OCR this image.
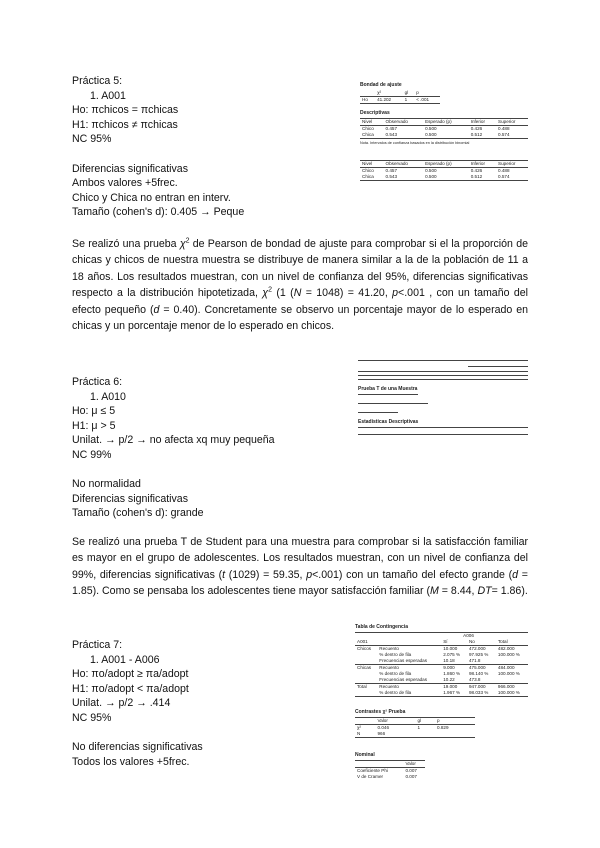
Práctica 5:
1. A001
Ho: πchicos = πchicas
H1: πchicos ≠ πchicas
NC 95%
Diferencias significativas
Ambos valores +5frec.
Chico y Chica no entran en interv.
Tamaño (cohen's d): 0.405 → Peque
Se realizó una prueba $\chi^2$ de Pearson de bondad de ajuste para comprobar si el la proporción de chicas y chicos de nuestra muestra se distribuye de manera similar a la de la población de 11 a 18 años. Los resultados muestran, con un nivel de confianza del 95%, diferencias significativas respecto a la distribución hipotetizada, $\chi^2$ (1 (N = 1048) = 41.20, p<.001 , con un tamaño del efecto pequeño (d = 0.40). Concretamente se observo un porcentaje mayor de lo esperado en chicas y un porcentaje menor de lo esperado en chicos.
Bondad de ajuste
	χ²	gl	p
Ho	41.202	1	< .001
Descriptivas
Nivel	Observado	Esperado (p)	Inferior	Superior
Chico	0.457	0.500	0.426	0.488
Chica	0.543	0.500	0.512	0.574
Nota. Intervalos de confianza basados en la distribución binomial
Nivel	Observado	Esperado (p)	Inferior	Superior
Chico	0.457	0.500	0.426	0.488
Chica	0.543	0.500	0.512	0.574
Práctica 6:
1. A010
Ho: μ ≤ 5
H1: μ > 5
Unilat. → p/2 → no afecta xq muy pequeña
NC 99%
No normalidad
Diferencias significativas
Tamaño (cohen's d): grande
Se realizó una prueba T de Student para una muestra para comprobar si la satisfacción familiar es mayor en el grupo de adolescentes. Los resultados muestran, con un nivel de confianza del 99%, diferencias significativas (t (1029) = 59.35, p<.001) con un tamaño del efecto grande (d = 1.85). Como se pensaba los adolescentes tiene mayor satisfacción familiar (M = 8.44, DT= 1.86).
Prueba T de una Muestra
Estadísticas Descriptivas
Práctica 7:
1. A001 - A006
Ho: πo/adopt ≥ πa/adopt
H1: πo/adopt < πa/adopt
Unilat. → p/2 → .414
NC 95%
No diferencias significativas
Todos los valores +5frec.
Tabla de Contingencia
		A006		
A001		Sí	No	Total
Chicos	Recuento	10.000	472.000	482.000
	% dentro de fila	2.075 %	97.925 %	100.000 %
	Frecuencias esperadas	10.18	471.8	
Chicas	Recuento	9.000	475.000	484.000
	% dentro de fila	1.860 %	98.140 %	100.000 %
	Frecuencias esperadas	10.22	473.8	
Total	Recuento	19.000	947.000	966.000
	% dentro de fila	1.967 %	98.033 %	100.000 %
Contrastes χ² Prueba
	Valor	gl	p
χ²	0.046	1	0.829
N	966		
Nominal
	Valor
Coeficiente Phi	0.007
V de Cramer	0.007
